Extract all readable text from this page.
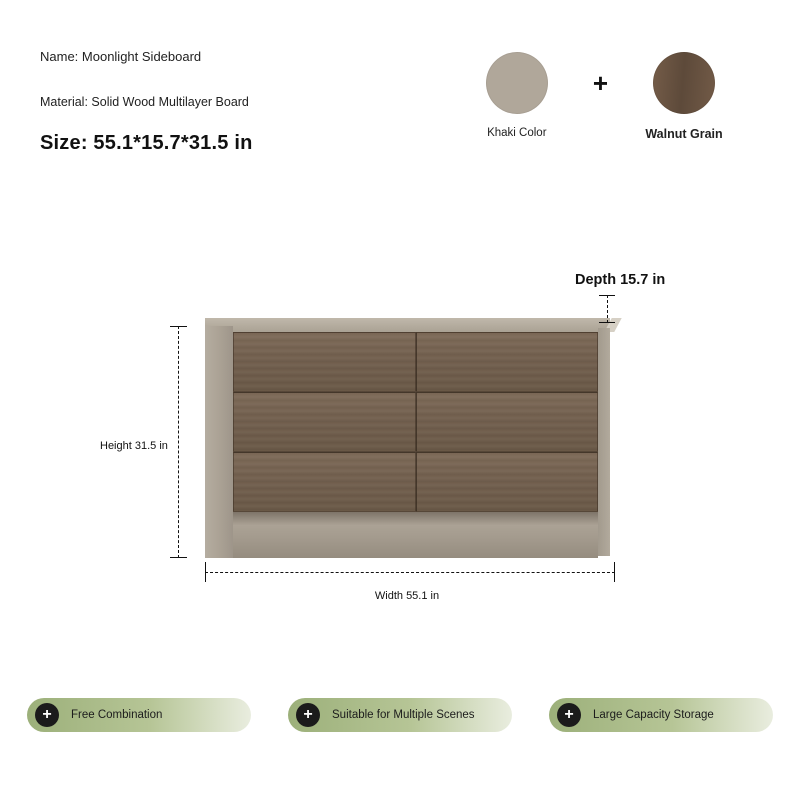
Name: Moonlight Sideboard
Material: Solid Wood Multilayer Board
Size: 55.1*15.7*31.5 in	Khaki Color
+
Walnut Grain
Height 31.5 in
Width 55.1 in
Depth 15.7 in
+	Free Combination	+	Suitable for Multiple Scenes	+	Large Capacity Storage
